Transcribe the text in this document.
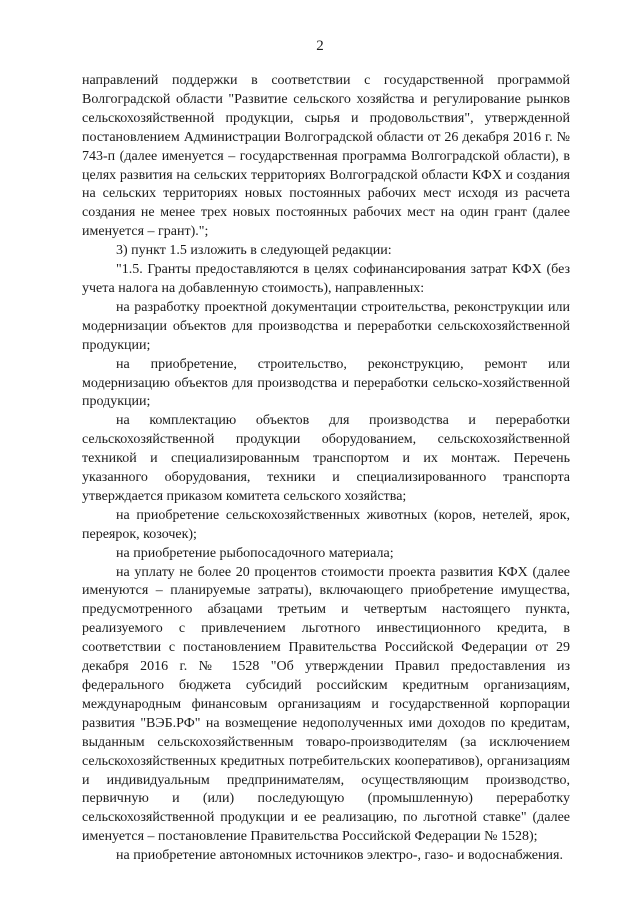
2

направлений поддержки в соответствии с государственной программой Волгоградской области "Развитие сельского хозяйства и регулирование рынков сельскохозяйственной продукции, сырья и продовольствия", утвержденной постановлением Администрации Волгоградской области от 26 декабря 2016 г. № 743-п (далее именуется – государственная программа Волгоградской области), в целях развития на сельских территориях Волгоградской области КФХ и создания на сельских территориях новых постоянных рабочих мест исходя из расчета создания не менее трех новых постоянных рабочих мест на один грант (далее именуется – грант).";

3) пункт 1.5 изложить в следующей редакции:

"1.5. Гранты предоставляются в целях софинансирования затрат КФХ (без учета налога на добавленную стоимость), направленных:

на разработку проектной документации строительства, реконструкции или модернизации объектов для производства и переработки сельскохозяйственной продукции;

на приобретение, строительство, реконструкцию, ремонт или модернизацию объектов для производства и переработки сельско-хозяйственной продукции;

на комплектацию объектов для производства и переработки сельскохозяйственной продукции оборудованием, сельскохозяйственной техникой и специализированным транспортом и их монтаж. Перечень указанного оборудования, техники и специализированного транспорта утверждается приказом комитета сельского хозяйства;

на приобретение сельскохозяйственных животных (коров, нетелей, ярок, переярок, козочек);

на приобретение рыбопосадочного материала;

на уплату не более 20 процентов стоимости проекта развития КФХ (далее именуются – планируемые затраты), включающего приобретение имущества, предусмотренного абзацами третьим и четвертым настоящего пункта, реализуемого с привлечением льготного инвестиционного кредита, в соответствии с постановлением Правительства Российской Федерации от 29 декабря 2016 г. № 1528 "Об утверждении Правил предоставления из федерального бюджета субсидий российским кредитным организациям, международным финансовым организациям и государственной корпорации развития "ВЭБ.РФ" на возмещение недополученных ими доходов по кредитам, выданным сельскохозяйственным товаро-производителям (за исключением сельскохозяйственных кредитных потребительских кооперативов), организациям и индивидуальным предпринимателям, осуществляющим производство, первичную и (или) последующую (промышленную) переработку сельскохозяйственной продукции и ее реализацию, по льготной ставке" (далее именуется – постановление Правительства Российской Федерации № 1528);

на приобретение автономных источников электро-, газо- и водоснабжения.
